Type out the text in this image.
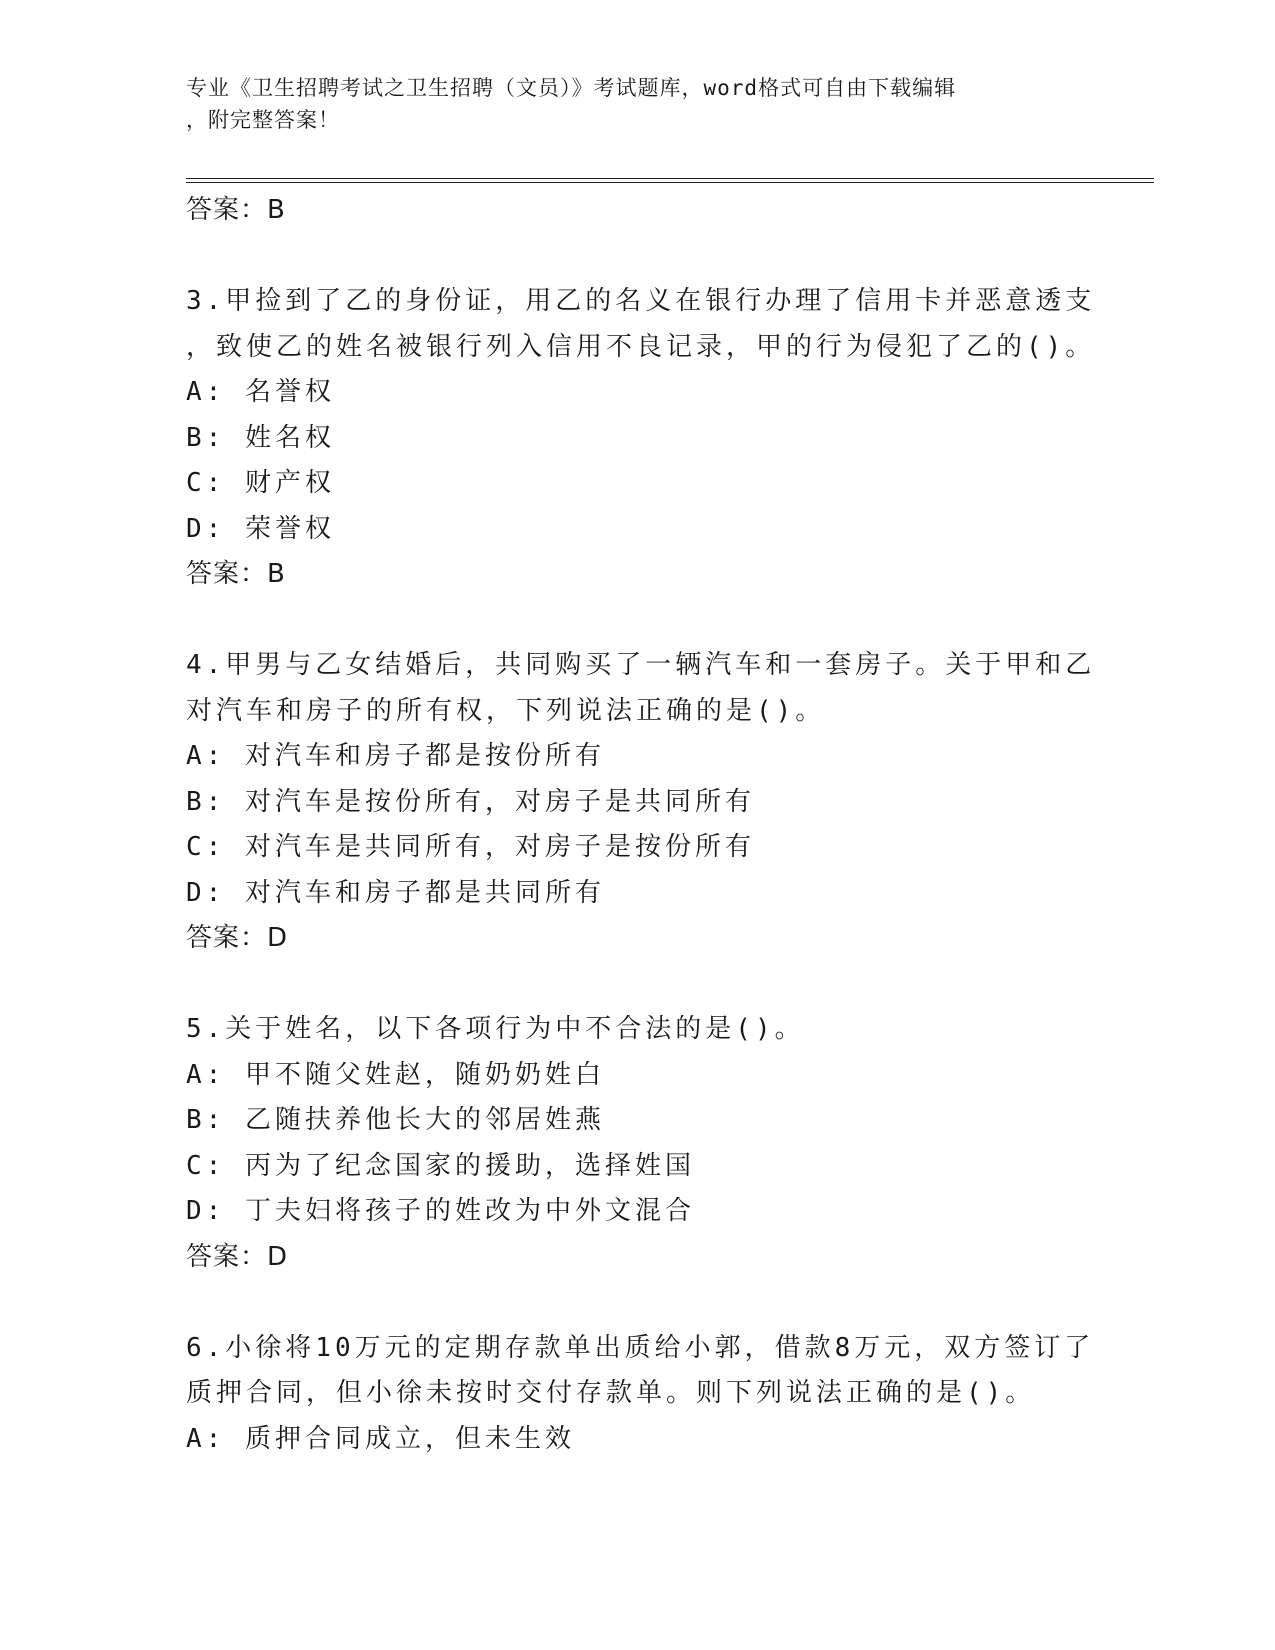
专业《卫生招聘考试之卫生招聘（文员）》考试题库，word格式可自由下载编辑
，附完整答案！
答案：B
3.甲捡到了乙的身份证，用乙的名义在银行办理了信用卡并恶意透支
，致使乙的姓名被银行列入信用不良记录，甲的行为侵犯了乙的()。
A: 名誉权
B: 姓名权
C: 财产权
D: 荣誉权
答案：B
4.甲男与乙女结婚后，共同购买了一辆汽车和一套房子。关于甲和乙
对汽车和房子的所有权，下列说法正确的是()。
A: 对汽车和房子都是按份所有
B: 对汽车是按份所有，对房子是共同所有
C: 对汽车是共同所有，对房子是按份所有
D: 对汽车和房子都是共同所有
答案：D
5.关于姓名，以下各项行为中不合法的是()。
A: 甲不随父姓赵，随奶奶姓白
B: 乙随扶养他长大的邻居姓燕
C: 丙为了纪念国家的援助，选择姓国
D: 丁夫妇将孩子的姓改为中外文混合
答案：D
6.小徐将10万元的定期存款单出质给小郭，借款8万元，双方签订了
质押合同，但小徐未按时交付存款单。则下列说法正确的是()。
A: 质押合同成立，但未生效
